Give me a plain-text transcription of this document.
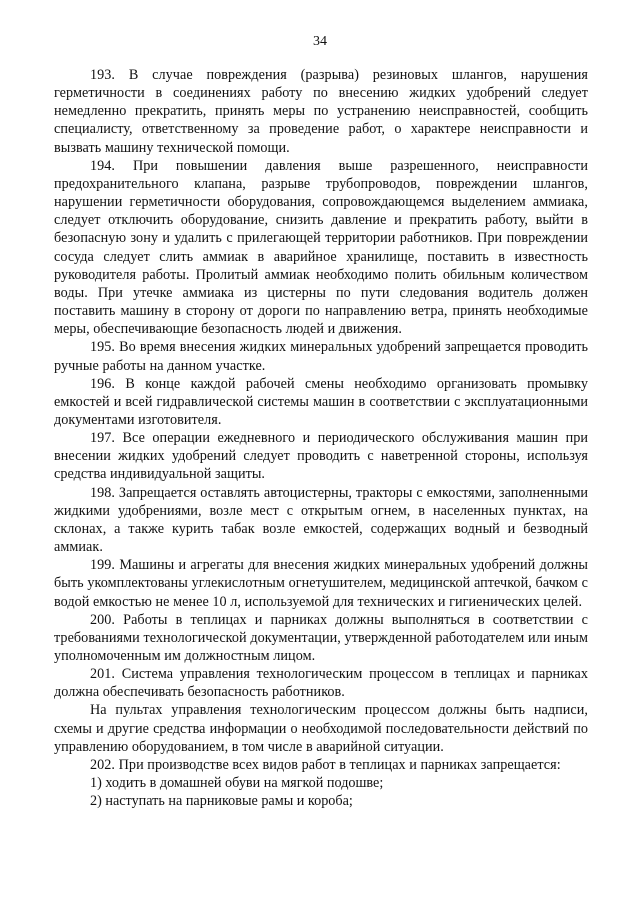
34

193. В случае повреждения (разрыва) резиновых шлангов, нарушения герметичности в соединениях работу по внесению жидких удобрений следует немедленно прекратить, принять меры по устранению неисправностей, сообщить специалисту, ответственному за проведение работ, о характере неисправности и вызвать машину технической помощи.

194. При повышении давления выше разрешенного, неисправности предохранительного клапана, разрыве трубопроводов, повреждении шлангов, нарушении герметичности оборудования, сопровождающемся выделением аммиака, следует отключить оборудование, снизить давление и прекратить работу, выйти в безопасную зону и удалить с прилегающей территории работников. При повреждении сосуда следует слить аммиак в аварийное хранилище, поставить в известность руководителя работы. Пролитый аммиак необходимо полить обильным количеством воды. При утечке аммиака из цистерны по пути следования водитель должен поставить машину в сторону от дороги по направлению ветра, принять необходимые меры, обеспечивающие безопасность людей и движения.

195. Во время внесения жидких минеральных удобрений запрещается проводить ручные работы на данном участке.

196. В конце каждой рабочей смены необходимо организовать промывку емкостей и всей гидравлической системы машин в соответствии с эксплуатационными документами изготовителя.

197. Все операции ежедневного и периодического обслуживания машин при внесении жидких удобрений следует проводить с наветренной стороны, используя средства индивидуальной защиты.

198. Запрещается оставлять автоцистерны, тракторы с емкостями, заполненными жидкими удобрениями, возле мест с открытым огнем, в населенных пунктах, на склонах, а также курить табак возле емкостей, содержащих водный и безводный аммиак.

199. Машины и агрегаты для внесения жидких минеральных удобрений должны быть укомплектованы углекислотным огнетушителем, медицинской аптечкой, бачком с водой емкостью не менее 10 л, используемой для технических и гигиенических целей.

200. Работы в теплицах и парниках должны выполняться в соответствии с требованиями технологической документации, утвержденной работодателем или иным уполномоченным им должностным лицом.

201. Система управления технологическим процессом в теплицах и парниках должна обеспечивать безопасность работников.

На пультах управления технологическим процессом должны быть надписи, схемы и другие средства информации о необходимой последовательности действий по управлению оборудованием, в том числе в аварийной ситуации.

202. При производстве всех видов работ в теплицах и парниках запрещается:

1) ходить в домашней обуви на мягкой подошве;

2) наступать на парниковые рамы и короба;
